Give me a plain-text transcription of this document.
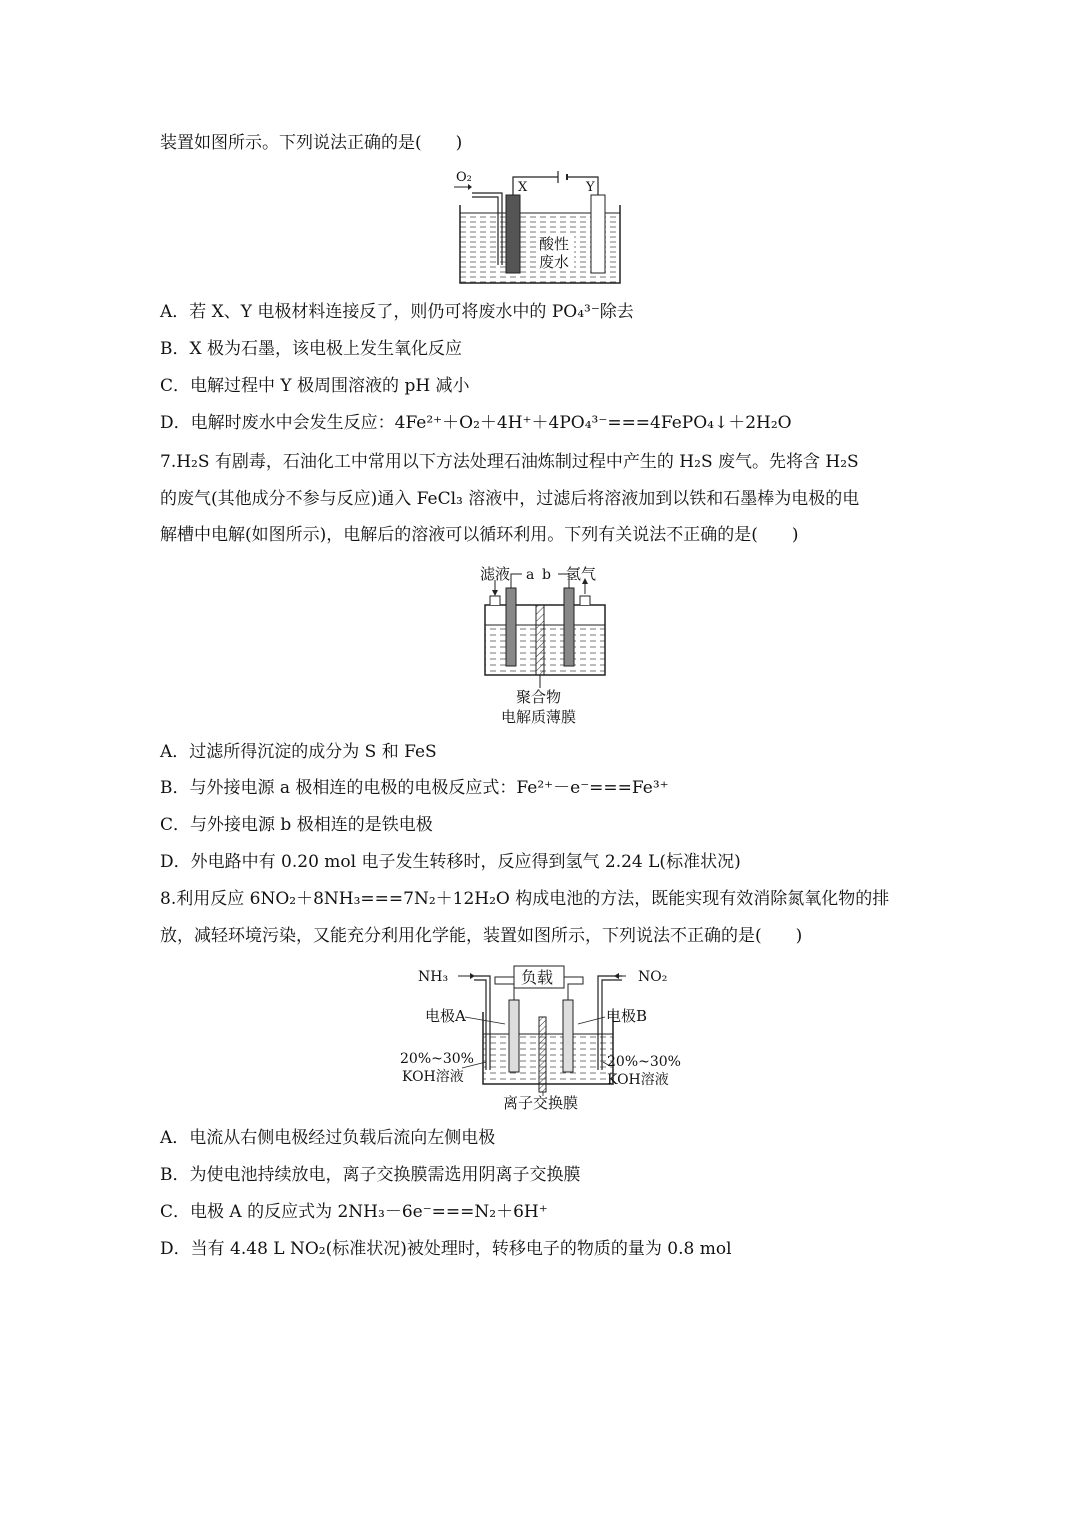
装置如图所示。下列说法正确的是(　　)
O₂
X	Y
酸性
废水
A．若 X、Y 电极材料连接反了，则仍可将废水中的 PO₄³⁻除去
B．X 极为石墨，该电极上发生氧化反应
C．电解过程中 Y 极周围溶液的 pH 减小
D．电解时废水中会发生反应：4Fe²⁺＋O₂＋4H⁺＋4PO₄³⁻===4FePO₄↓＋2H₂O
7.H₂S 有剧毒，石油化工中常用以下方法处理石油炼制过程中产生的 H₂S 废气。先将含 H₂S
的废气(其他成分不参与反应)通入 FeCl₃ 溶液中，过滤后将溶液加到以铁和石墨棒为电极的电
解槽中电解(如图所示)，电解后的溶液可以循环利用。下列有关说法不正确的是(　　)
滤液 a b 氢气
聚合物
电解质薄膜
A．过滤所得沉淀的成分为 S 和 FeS
B．与外接电源 a 极相连的电极的电极反应式：Fe²⁺－e⁻===Fe³⁺
C．与外接电源 b 极相连的是铁电极
D．外电路中有 0.20 mol 电子发生转移时，反应得到氢气 2.24 L(标准状况)
8.利用反应 6NO₂＋8NH₃===7N₂＋12H₂O 构成电池的方法，既能实现有效消除氮氧化物的排
放，减轻环境污染，又能充分利用化学能，装置如图所示，下列说法不正确的是(　　)
NH₃	NO₂
负载
电极A	电极B
20%~30%
KOH溶液
20%~30%
KOH溶液
离子交换膜
A．电流从右侧电极经过负载后流向左侧电极
B．为使电池持续放电，离子交换膜需选用阴离子交换膜
C．电极 A 的反应式为 2NH₃－6e⁻===N₂＋6H⁺
D．当有 4.48 L NO₂(标准状况)被处理时，转移电子的物质的量为 0.8 mol
